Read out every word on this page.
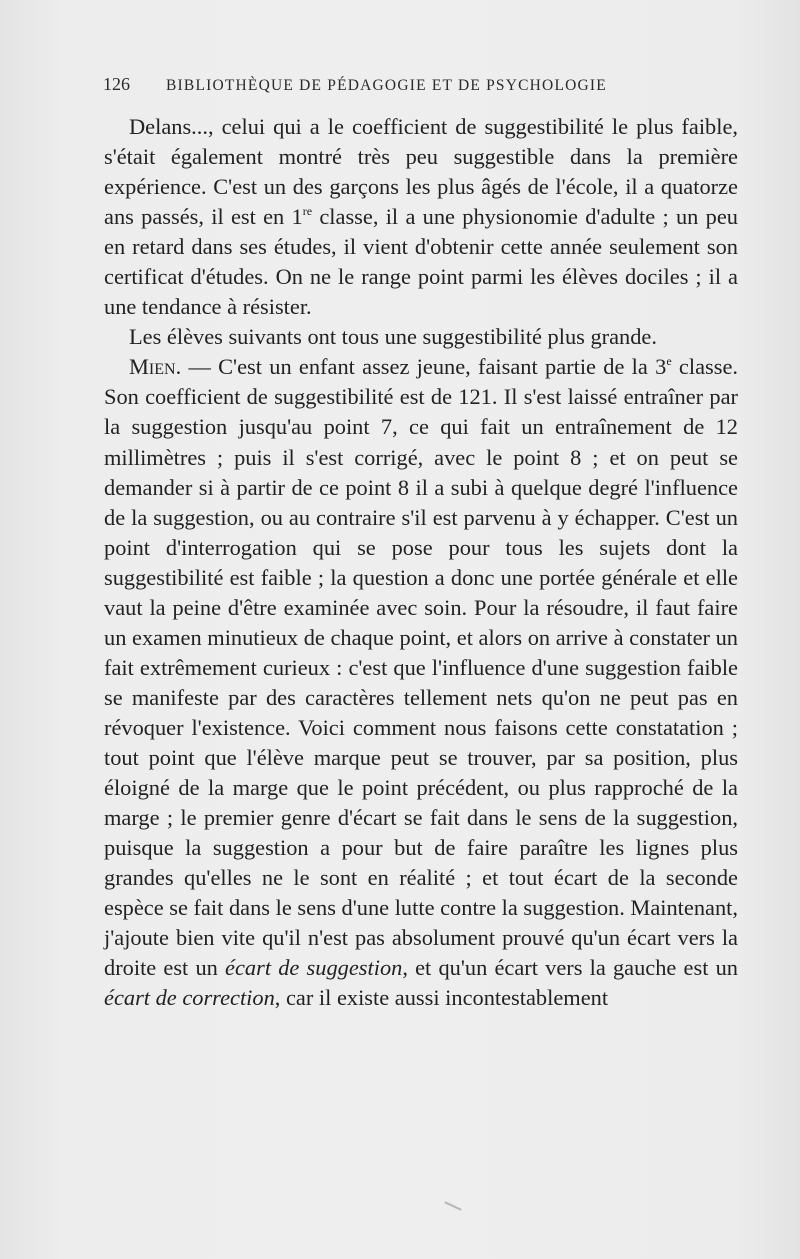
126 BIBLIOTHÈQUE DE PÉDAGOGIE ET DE PSYCHOLOGIE

Delans..., celui qui a le coefficient de suggestibilité le plus faible, s'était également montré très peu suggestible dans la première expérience. C'est un des garçons les plus âgés de l'école, il a quatorze ans passés, il est en 1re classe, il a une physionomie d'adulte ; un peu en retard dans ses études, il vient d'obtenir cette année seulement son certificat d'études. On ne le range point parmi les élèves dociles ; il a une tendance à résister.

Les élèves suivants ont tous une suggestibilité plus grande.

Mien. — C'est un enfant assez jeune, faisant partie de la 3e classe. Son coefficient de suggestibilité est de 121. Il s'est laissé entraîner par la suggestion jusqu'au point 7, ce qui fait un entraînement de 12 millimètres ; puis il s'est corrigé, avec le point 8 ; et on peut se demander si à partir de ce point 8 il a subi à quelque degré l'influence de la suggestion, ou au contraire s'il est parvenu à y échapper. C'est un point d'interrogation qui se pose pour tous les sujets dont la suggestibilité est faible ; la question a donc une portée générale et elle vaut la peine d'être examinée avec soin. Pour la résoudre, il faut faire un examen minutieux de chaque point, et alors on arrive à constater un fait extrêmement curieux : c'est que l'influence d'une suggestion faible se manifeste par des caractères tellement nets qu'on ne peut pas en révoquer l'existence. Voici comment nous faisons cette constatation ; tout point que l'élève marque peut se trouver, par sa position, plus éloigné de la marge que le point précédent, ou plus rapproché de la marge ; le premier genre d'écart se fait dans le sens de la suggestion, puisque la suggestion a pour but de faire paraître les lignes plus grandes qu'elles ne le sont en réalité ; et tout écart de la seconde espèce se fait dans le sens d'une lutte contre la suggestion. Maintenant, j'ajoute bien vite qu'il n'est pas absolument prouvé qu'un écart vers la droite est un écart de suggestion, et qu'un écart vers la gauche est un écart de correction, car il existe aussi incontestablement
